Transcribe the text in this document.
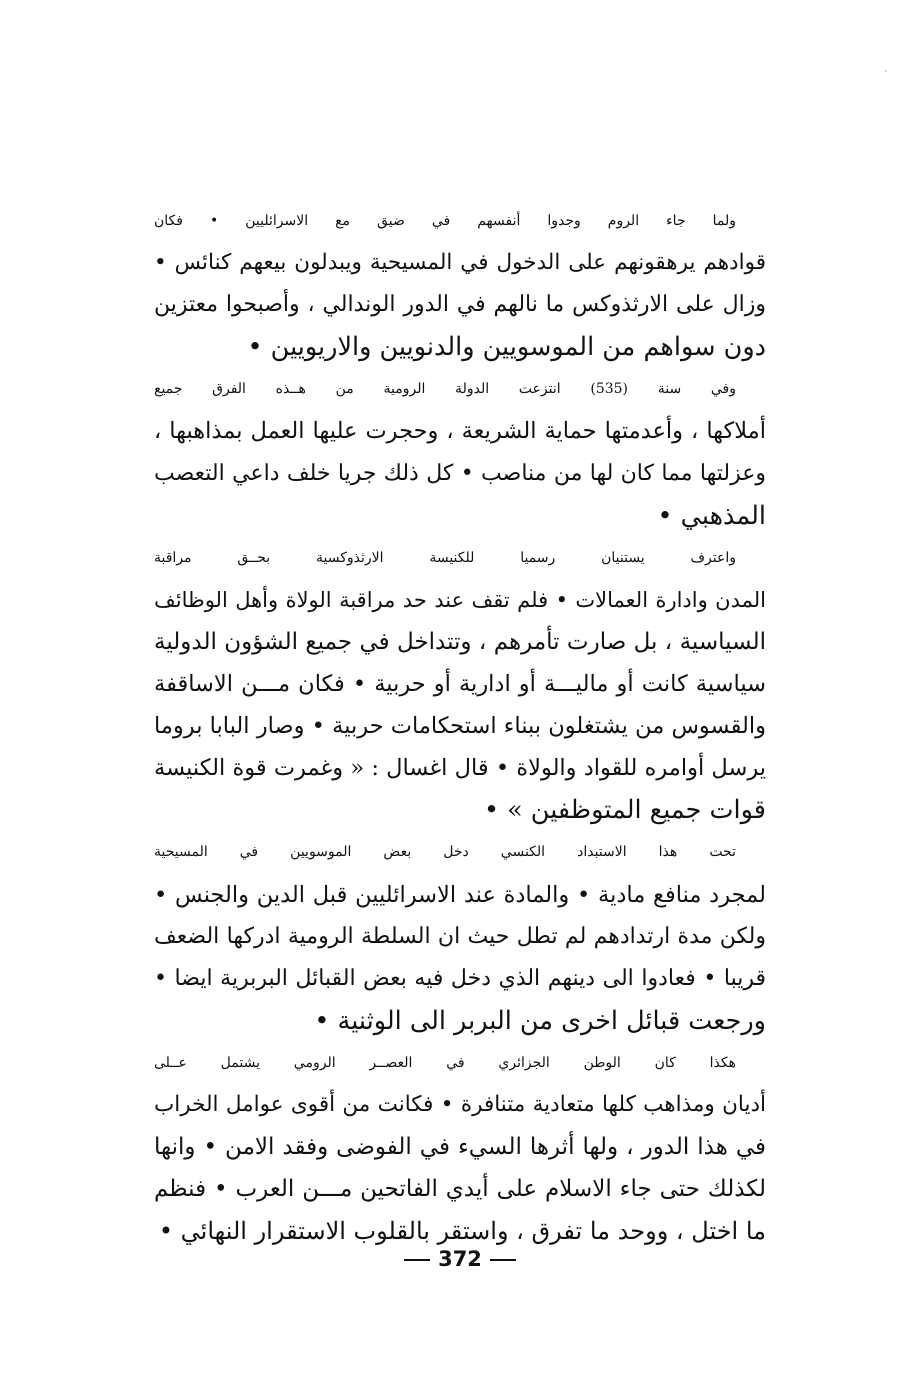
ولما جاء الروم وجدوا أنفسهم في ضيق مع الاسرائليين • فكان
قوادهم يرهقونهم على الدخول في المسيحية ويبدلون بيعهم كنائس •
وزال على الارثذوكس ما نالهم في الدور الوندالي ، وأصبحوا معتزين
دون سواهم من الموسويين والدنويين والاريويين •
وفي سنة (535) انتزعت الدولة الرومية من هــذه الفرق جميع
أملاكها ، وأعدمتها حماية الشريعة ، وحجرت عليها العمل بمذاهبها ،
وعزلتها مما كان لها من مناصب • كل ذلك جريا خلف داعي التعصب
المذهبي •
واعترف يستنيان رسميا للكنيسة الارثذوكسية بحــق مراقبة
المدن وادارة العمالات • فلم تقف عند حد مراقبة الولاة وأهل الوظائف
السياسية ، بل صارت تأمرهم ، وتتداخل في جميع الشؤون الدولية
سياسية كانت أو ماليـــة أو ادارية أو حربية • فكان مـــن الاساقفة
والقسوس من يشتغلون ببناء استحكامات حربية • وصار البابا بروما
يرسل أوامره للقواد والولاة • قال اغسال : « وغمرت قوة الكنيسة
قوات جميع المتوظفين » •
تحت هذا الاستبداد الكنسي دخل بعض الموسويين في المسيحية
لمجرد منافع مادية • والمادة عند الاسرائليين قبل الدين والجنس •
ولكن مدة ارتدادهم لم تطل حيث ان السلطة الرومية ادركها الضعف
قريبا • فعادوا الى دينهم الذي دخل فيه بعض القبائل البربرية ايضا •
ورجعت قبائل اخرى من البربر الى الوثنية •
هكذا كان الوطن الجزائري في العصــر الرومي يشتمل عــلى
أديان ومذاهب كلها متعادية متنافرة • فكانت من أقوى عوامل الخراب
في هذا الدور ، ولها أثرها السيء في الفوضى وفقد الامن • وانها
لكذلك حتى جاء الاسلام على أيدي الفاتحين مـــن العرب • فنظم
ما اختل ، ووحد ما تفرق ، واستقر بالقلوب الاستقرار النهائي •
372
